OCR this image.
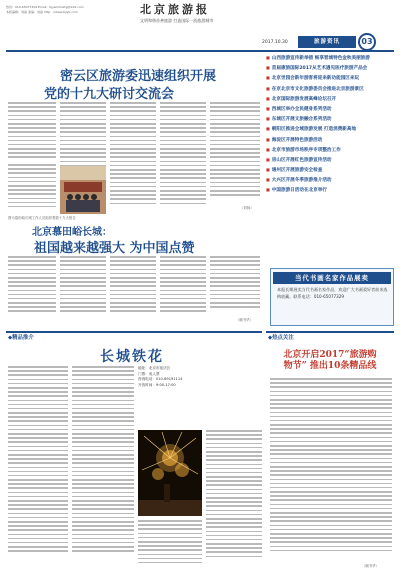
热线：010-65077329 Email：bjysmhlsxtg@126.com
本版编辑：刘丽 美编：刘丽 http：//www.bjlyb.com	北京旅游报
文明和谐首善旅游 打造国际一流旅游城市
2017.10.30	旅游资讯	03
密云区旅游委迅速组织开展
党的十九大研讨交流会
（刘林）
图为慕田峪长城工作人员组织观看十九大报告
北京慕田峪长城：
祖国越来越强大 为中国点赞
（顾书华）
■ 山西旅游宣传新举措 畅享晋城特色金秋美丽旅游
■ 首届康旅国际2017从艺术遇见医疗旅游产品会
■ 北京世园会新年游客将迎来新功能园区来玩
■ 在京北京市文化旅游委员会推进北京旅游景区
■ 北京国际旅游发展高峰论坛召开
■ 西城区举办全民健身系列活动
■ 东城区开展文旅融合系列活动
■ 朝阳区推进全域旅游发展 打造消费新高地
■ 海淀区开展特色旅游活动
■ 北京市旅游市场秩序专项整治工作
■ 房山区开展红色旅游宣传活动
■ 通州区开展旅游安全检查
■ 大兴区开展冬季旅游推介活动
■ 中国旅游日活动在北京举行
当代书画名家作品展卖
本报长期展卖当代书画名家作品，欢迎广大书画爱好者前来选购收藏。联系电话：010-65077329
◆精品推介
长城铁花
地址：北京市延庆区
门票：成人票
咨询电话：010-69191114
开放时间：9:00-17:00
◆热点关注
北京开启2017“旅游购
物节” 推出10条精品线
（顾书华）
